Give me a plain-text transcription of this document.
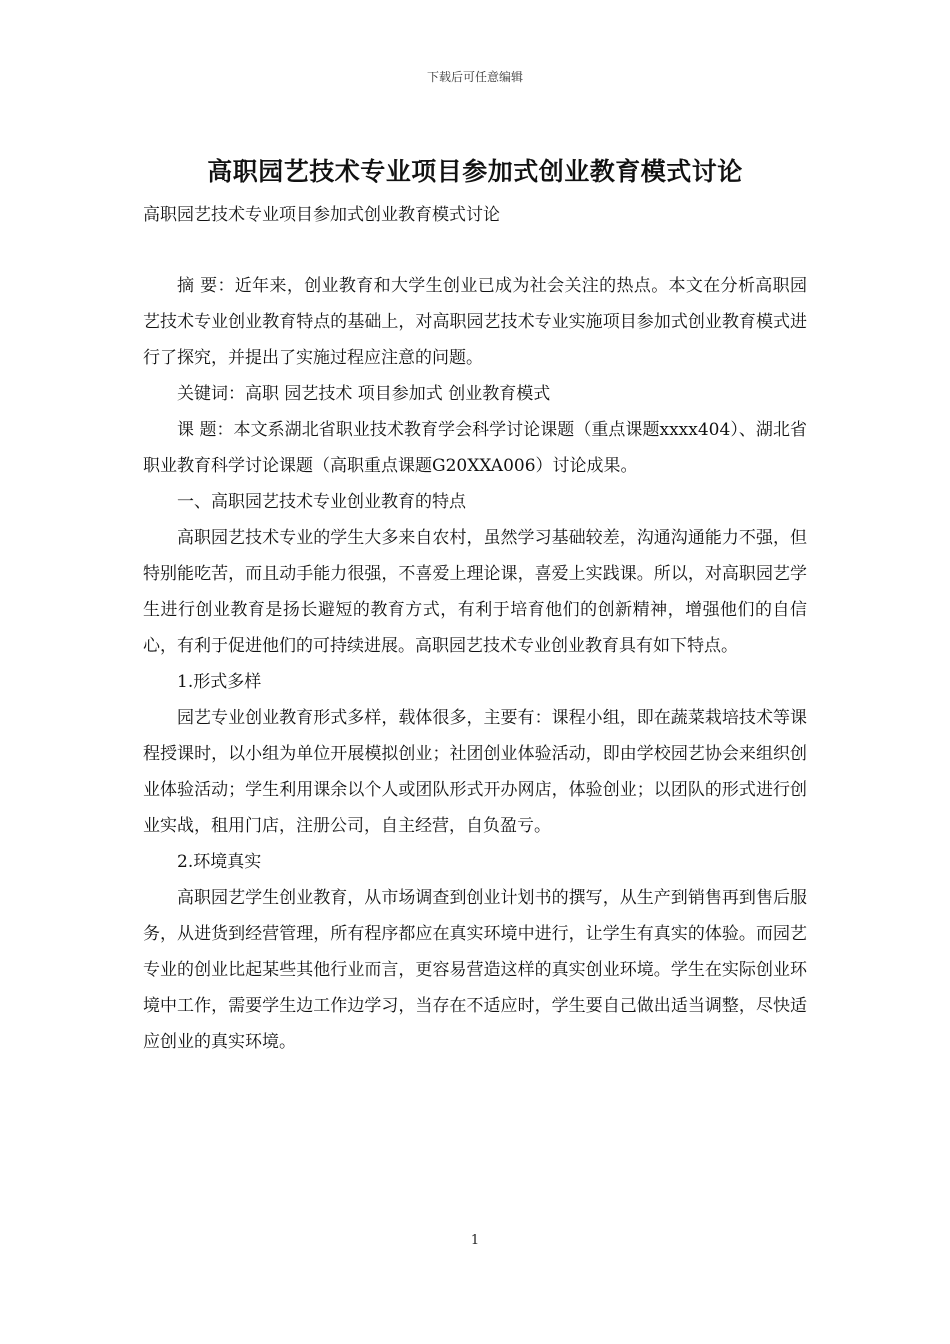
下载后可任意编辑
高职园艺技术专业项目参加式创业教育模式讨论
高职园艺技术专业项目参加式创业教育模式讨论

摘 要：近年来，创业教育和大学生创业已成为社会关注的热点。本文在分析高职园艺技术专业创业教育特点的基础上，对高职园艺技术专业实施项目参加式创业教育模式进行了探究，并提出了实施过程应注意的问题。

关键词：高职 园艺技术 项目参加式 创业教育模式

课 题：本文系湖北省职业技术教育学会科学讨论课题（重点课题xxxx404）、湖北省职业教育科学讨论课题（高职重点课题G20XXA006）讨论成果。

一、高职园艺技术专业创业教育的特点

高职园艺技术专业的学生大多来自农村，虽然学习基础较差，沟通沟通能力不强，但特别能吃苦，而且动手能力很强，不喜爱上理论课，喜爱上实践课。所以，对高职园艺学生进行创业教育是扬长避短的教育方式，有利于培育他们的创新精神，增强他们的自信心，有利于促进他们的可持续进展。高职园艺技术专业创业教育具有如下特点。

1.形式多样

园艺专业创业教育形式多样，载体很多，主要有：课程小组，即在蔬菜栽培技术等课程授课时，以小组为单位开展模拟创业；社团创业体验活动，即由学校园艺协会来组织创业体验活动；学生利用课余以个人或团队形式开办网店，体验创业；以团队的形式进行创业实战，租用门店，注册公司，自主经营，自负盈亏。

2.环境真实

高职园艺学生创业教育，从市场调查到创业计划书的撰写，从生产到销售再到售后服务，从进货到经营管理，所有程序都应在真实环境中进行，让学生有真实的体验。而园艺专业的创业比起某些其他行业而言，更容易营造这样的真实创业环境。学生在实际创业环境中工作，需要学生边工作边学习，当存在不适应时，学生要自己做出适当调整，尽快适应创业的真实环境。

1
